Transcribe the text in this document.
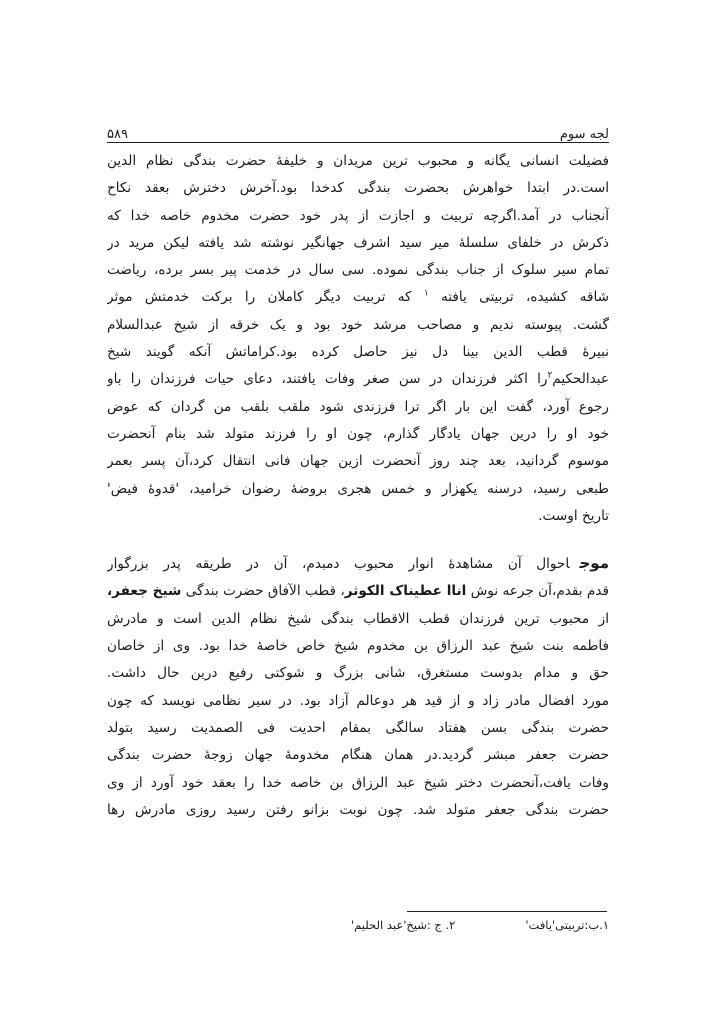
لجه سوم
۵۸۹
فضیلت انسانی یگانه و محبوب ترین مریدان و خلیفهٔ حضرت بندگی نظام الدین
است.در ابتدا خواهرش بحضرت بندگی کدخدا بود.آخرش دخترش بعقد نکاح
آنجناب در آمد.اگرچه تربیت و اجازت از پدر خود حضرت مخدوم خاصه خدا که
ذکرش در خلفای سلسلهٔ میر سید اشرف جهانگیر نوشته شد یافته لیکن مرید در
تمام سیر سلوک از جناب بندگی نموده. سی سال در خدمت پیر بسر برده، ریاضت
شاقه کشیده، تربیتی یافته $^۱$ که تربیت دیگر کاملان را برکت خدمتش موثر
گشت. پیوسته ندیم و مصاحب مرشد خود بود و یک خرقه از شیخ عبدالسلام
نبیرهٔ قطب الدین بینا دل نیز حاصل کرده بود.کراماتش آنکه گویند شیخ
عبدالحکیم$^۲$را اکثر فرزندان در سن صغر وفات یافتند، دعای حیات فرزندان را باو
رجوع آورد، گفت این بار اگر ترا فرزندی شود ملقب بلقب من گردان که عوض
خود او را درین جهان یادگار گذارم، چون او را فرزند متولد شد بنام آنحضرت
موسوم گردانید، بعد چند روز آنحضرت ازین جهان فانی انتقال کرد،آن پسر بعمر
طبعی رسید، درسنه یکهزار و خمس هجری بروضهٔ رضوان خرامید، 'قدوهٔ فیض'
تاریخ اوست.
موجاحوال آن مشاهدهٔ انوار محبوب دمبدم، آن در طریقه پدر بزرگوار
قدم بقدم،آن جرعه نوش اناا عطیناک الکوثر، قطب الآفاق حضرت بندگی شیخ جعفر،
از محبوب ترین فرزندان قطب الاقطاب بندگی شیخ نظام الدین است و مادرش
فاطمه بنت شیخ عبد الرزاق بن مخدوم شیخ خاص خاصهٔ خدا بود. وی از خاصان
حق و مدام بدوست مستغرق، شانی بزرگ و شوکتی رفیع درین حال داشت.
مورد افضال مادر زاد و از قید هر دوعالم آزاد بود. در سیر نظامی نویسد که چون
حضرت بندگی بسن هفتاد سالگی بمقام احدیت فی الصمدیت رسید بتولد
حضرت جعفر مبشر گردید.در همان هنگام مخدومهٔ جهان زوجهٔ حضرت بندگی
وفات یافت،آنحضرت دختر شیخ عبد الرزاق بن خاصه خدا را بعقد خود آورد از وی
حضرت بندگی جعفر متولد شد. چون نوبت بزانو رفتن رسید روزی مادرش رها
۱.ب:تربیتی'یافت'
۲. ج :شیخ'عبد الحلیم'
